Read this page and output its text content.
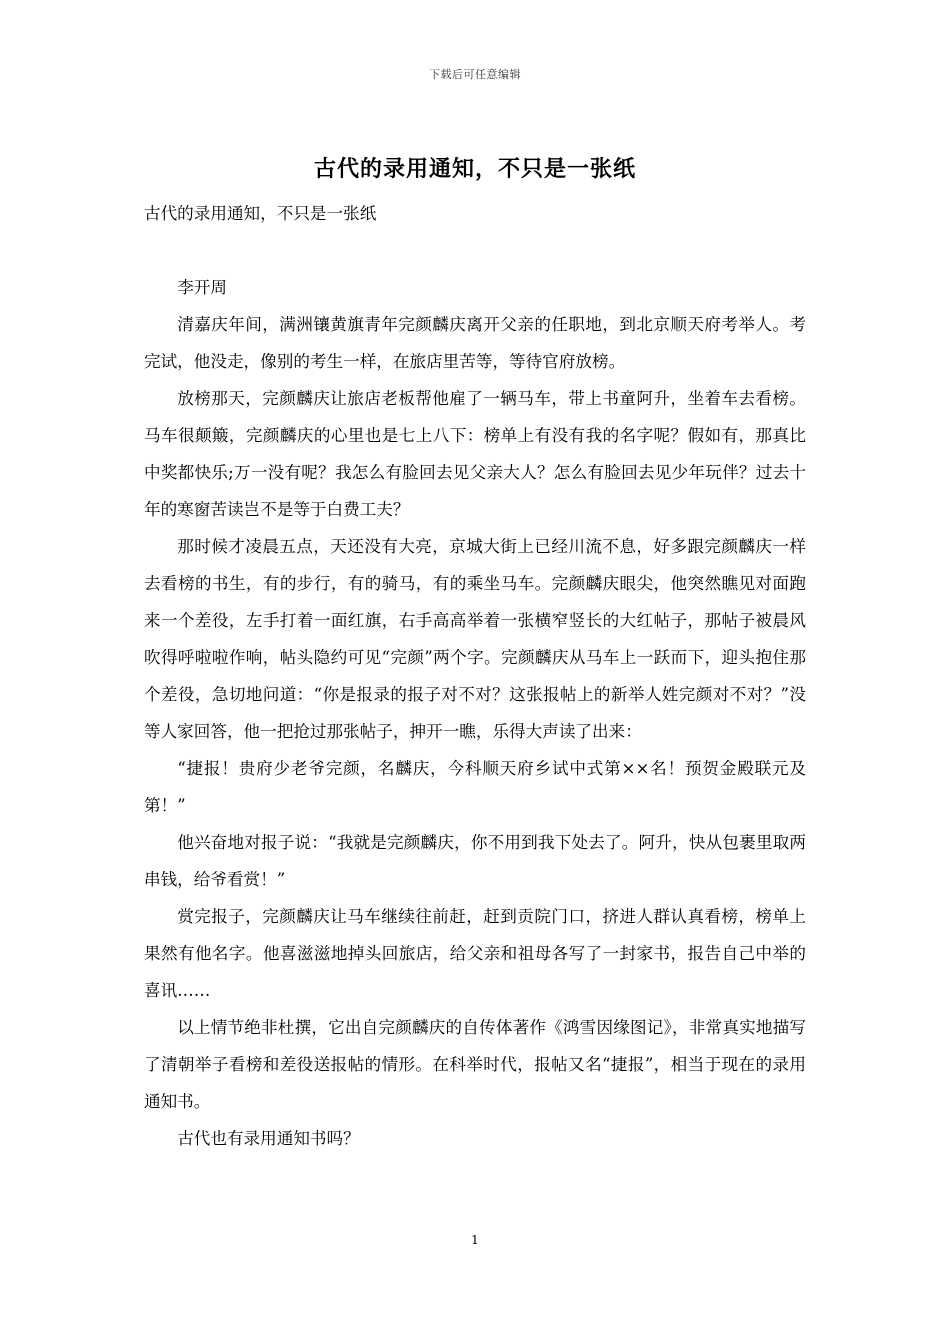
下载后可任意编辑
古代的录用通知，不只是一张纸

古代的录用通知，不只是一张纸

李开周

清嘉庆年间，满洲镶黄旗青年完颜麟庆离开父亲的任职地，到北京顺天府考举人。考完试，他没走，像别的考生一样，在旅店里苦等，等待官府放榜。

放榜那天，完颜麟庆让旅店老板帮他雇了一辆马车，带上书童阿升，坐着车去看榜。马车很颠簸，完颜麟庆的心里也是七上八下：榜单上有没有我的名字呢？假如有，那真比中奖都快乐;万一没有呢？我怎么有脸回去见父亲大人？怎么有脸回去见少年玩伴？过去十年的寒窗苦读岂不是等于白费工夫？

那时候才凌晨五点，天还没有大亮，京城大街上已经川流不息，好多跟完颜麟庆一样去看榜的书生，有的步行，有的骑马，有的乘坐马车。完颜麟庆眼尖，他突然瞧见对面跑来一个差役，左手打着一面红旗，右手高高举着一张横窄竖长的大红帖子，那帖子被晨风吹得呼啦啦作响，帖头隐约可见“完颜”两个字。完颜麟庆从马车上一跃而下，迎头抱住那个差役，急切地问道：“你是报录的报子对不对？这张报帖上的新举人姓完颜对不对？”没等人家回答，他一把抢过那张帖子，抻开一瞧，乐得大声读了出来：

“捷报！贵府少老爷完颜，名麟庆，今科顺天府乡试中式第××名！预贺金殿联元及第！”

他兴奋地对报子说：“我就是完颜麟庆，你不用到我下处去了。阿升，快从包裹里取两串钱，给爷看赏！”

赏完报子，完颜麟庆让马车继续往前赶，赶到贡院门口，挤进人群认真看榜，榜单上果然有他名字。他喜滋滋地掉头回旅店，给父亲和祖母各写了一封家书，报告自己中举的喜讯……

以上情节绝非杜撰，它出自完颜麟庆的自传体著作《鸿雪因缘图记》，非常真实地描写了清朝举子看榜和差役送报帖的情形。在科举时代，报帖又名“捷报”，相当于现在的录用通知书。

古代也有录用通知书吗？

1
